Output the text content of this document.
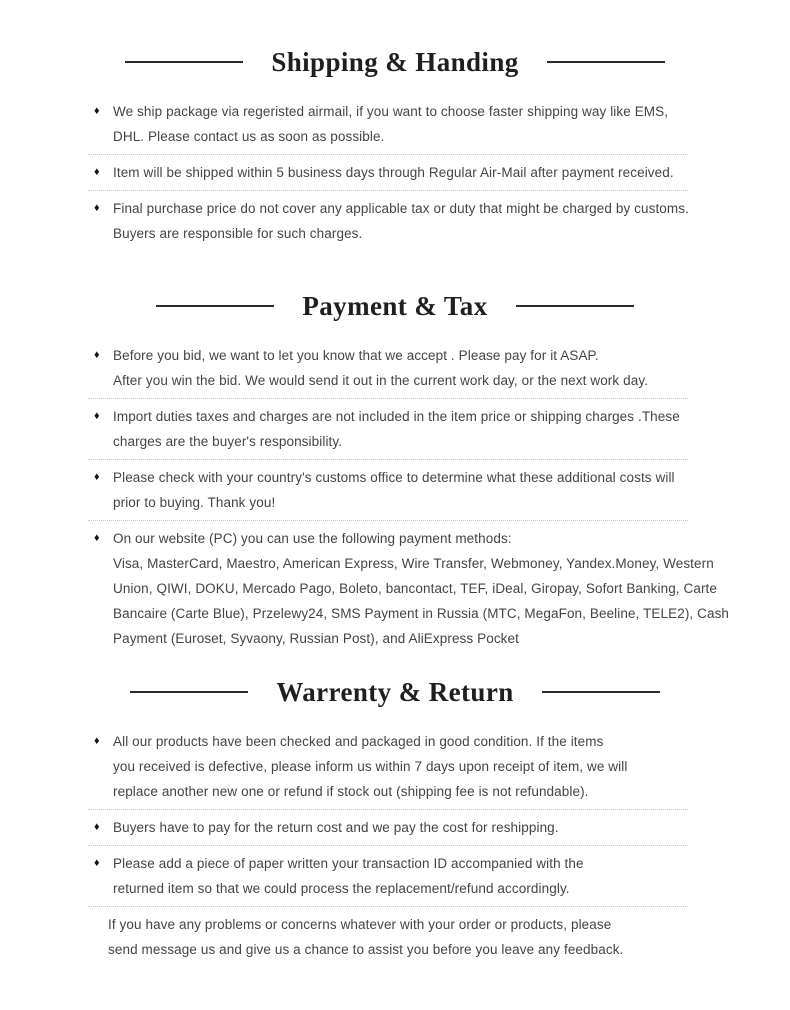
Shipping & Handing
♦ We ship package via regeristed airmail, if you want to choose faster shipping way like EMS,
DHL. Please contact us as soon as possible.
♦ Item will be shipped within 5 business days through Regular Air-Mail after payment received.
♦ Final purchase price do not cover any applicable tax or duty that might be charged by customs.
Buyers are responsible for such charges.
Payment & Tax
♦ Before you bid, we want to let you know that we accept . Please pay for it ASAP.
After you win the bid. We would send it out in the current work day, or the next work day.
♦ Import duties taxes and charges are not included in the item price or shipping charges .These
charges are the buyer's responsibility.
♦ Please check with your country's customs office to determine what these additional costs will
prior to buying. Thank you!
♦ On our website (PC) you can use the following payment methods:
Visa, MasterCard, Maestro, American Express, Wire Transfer, Webmoney, Yandex.Money, Western
Union, QIWI, DOKU, Mercado Pago, Boleto, bancontact, TEF, iDeal, Giropay, Sofort Banking, Carte
Bancaire (Carte Blue), Przelewy24, SMS Payment in Russia (MTC, MegaFon, Beeline, TELE2), Cash
Payment (Euroset, Syvaony, Russian Post), and AliExpress Pocket
Warrenty & Return
♦ All our products have been checked and packaged in good condition. If the items
you received is defective, please inform us within 7 days upon receipt of item, we will
replace another new one or refund if stock out (shipping fee is not refundable).
♦ Buyers have to pay for the return cost and we pay the cost for reshipping.
♦ Please add a piece of paper written your transaction ID accompanied with the
returned item so that we could process the replacement/refund accordingly.
If you have any problems or concerns whatever with your order or products, please
send message us and give us a chance to assist you before you leave any feedback.
